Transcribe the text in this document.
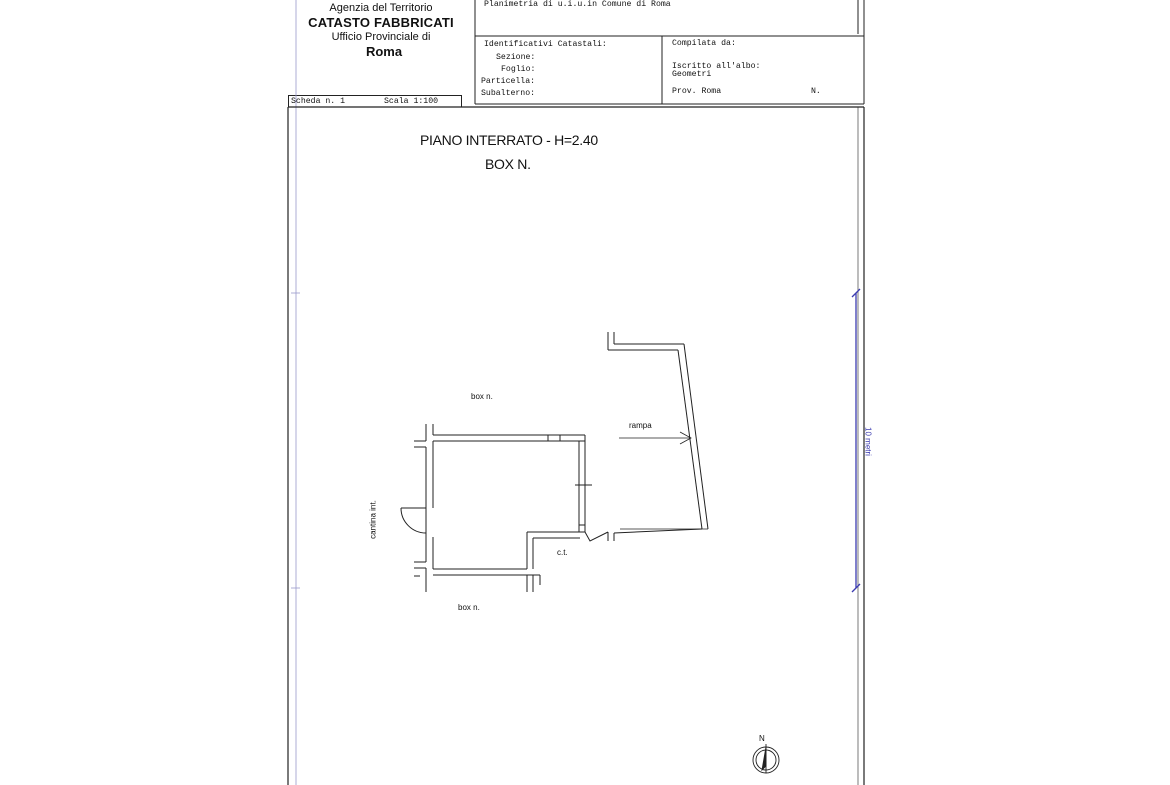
Agenzia del Territorio
CATASTO FABBRICATI
Ufficio Provinciale di
Roma
Planimetria di u.i.u.in Comune di Roma
Identificativi Catastali:
Sezione:
Foglio:
Particella:
Subalterno:
Compilata da:
Iscritto all'albo:
Geometri
Prov. Roma	N.
Scheda n. 1	Scala 1:100
PIANO INTERRATO - H=2.40
BOX N.
box n.
box n.
rampa
c.t.
cantina int.
10 metri
N
